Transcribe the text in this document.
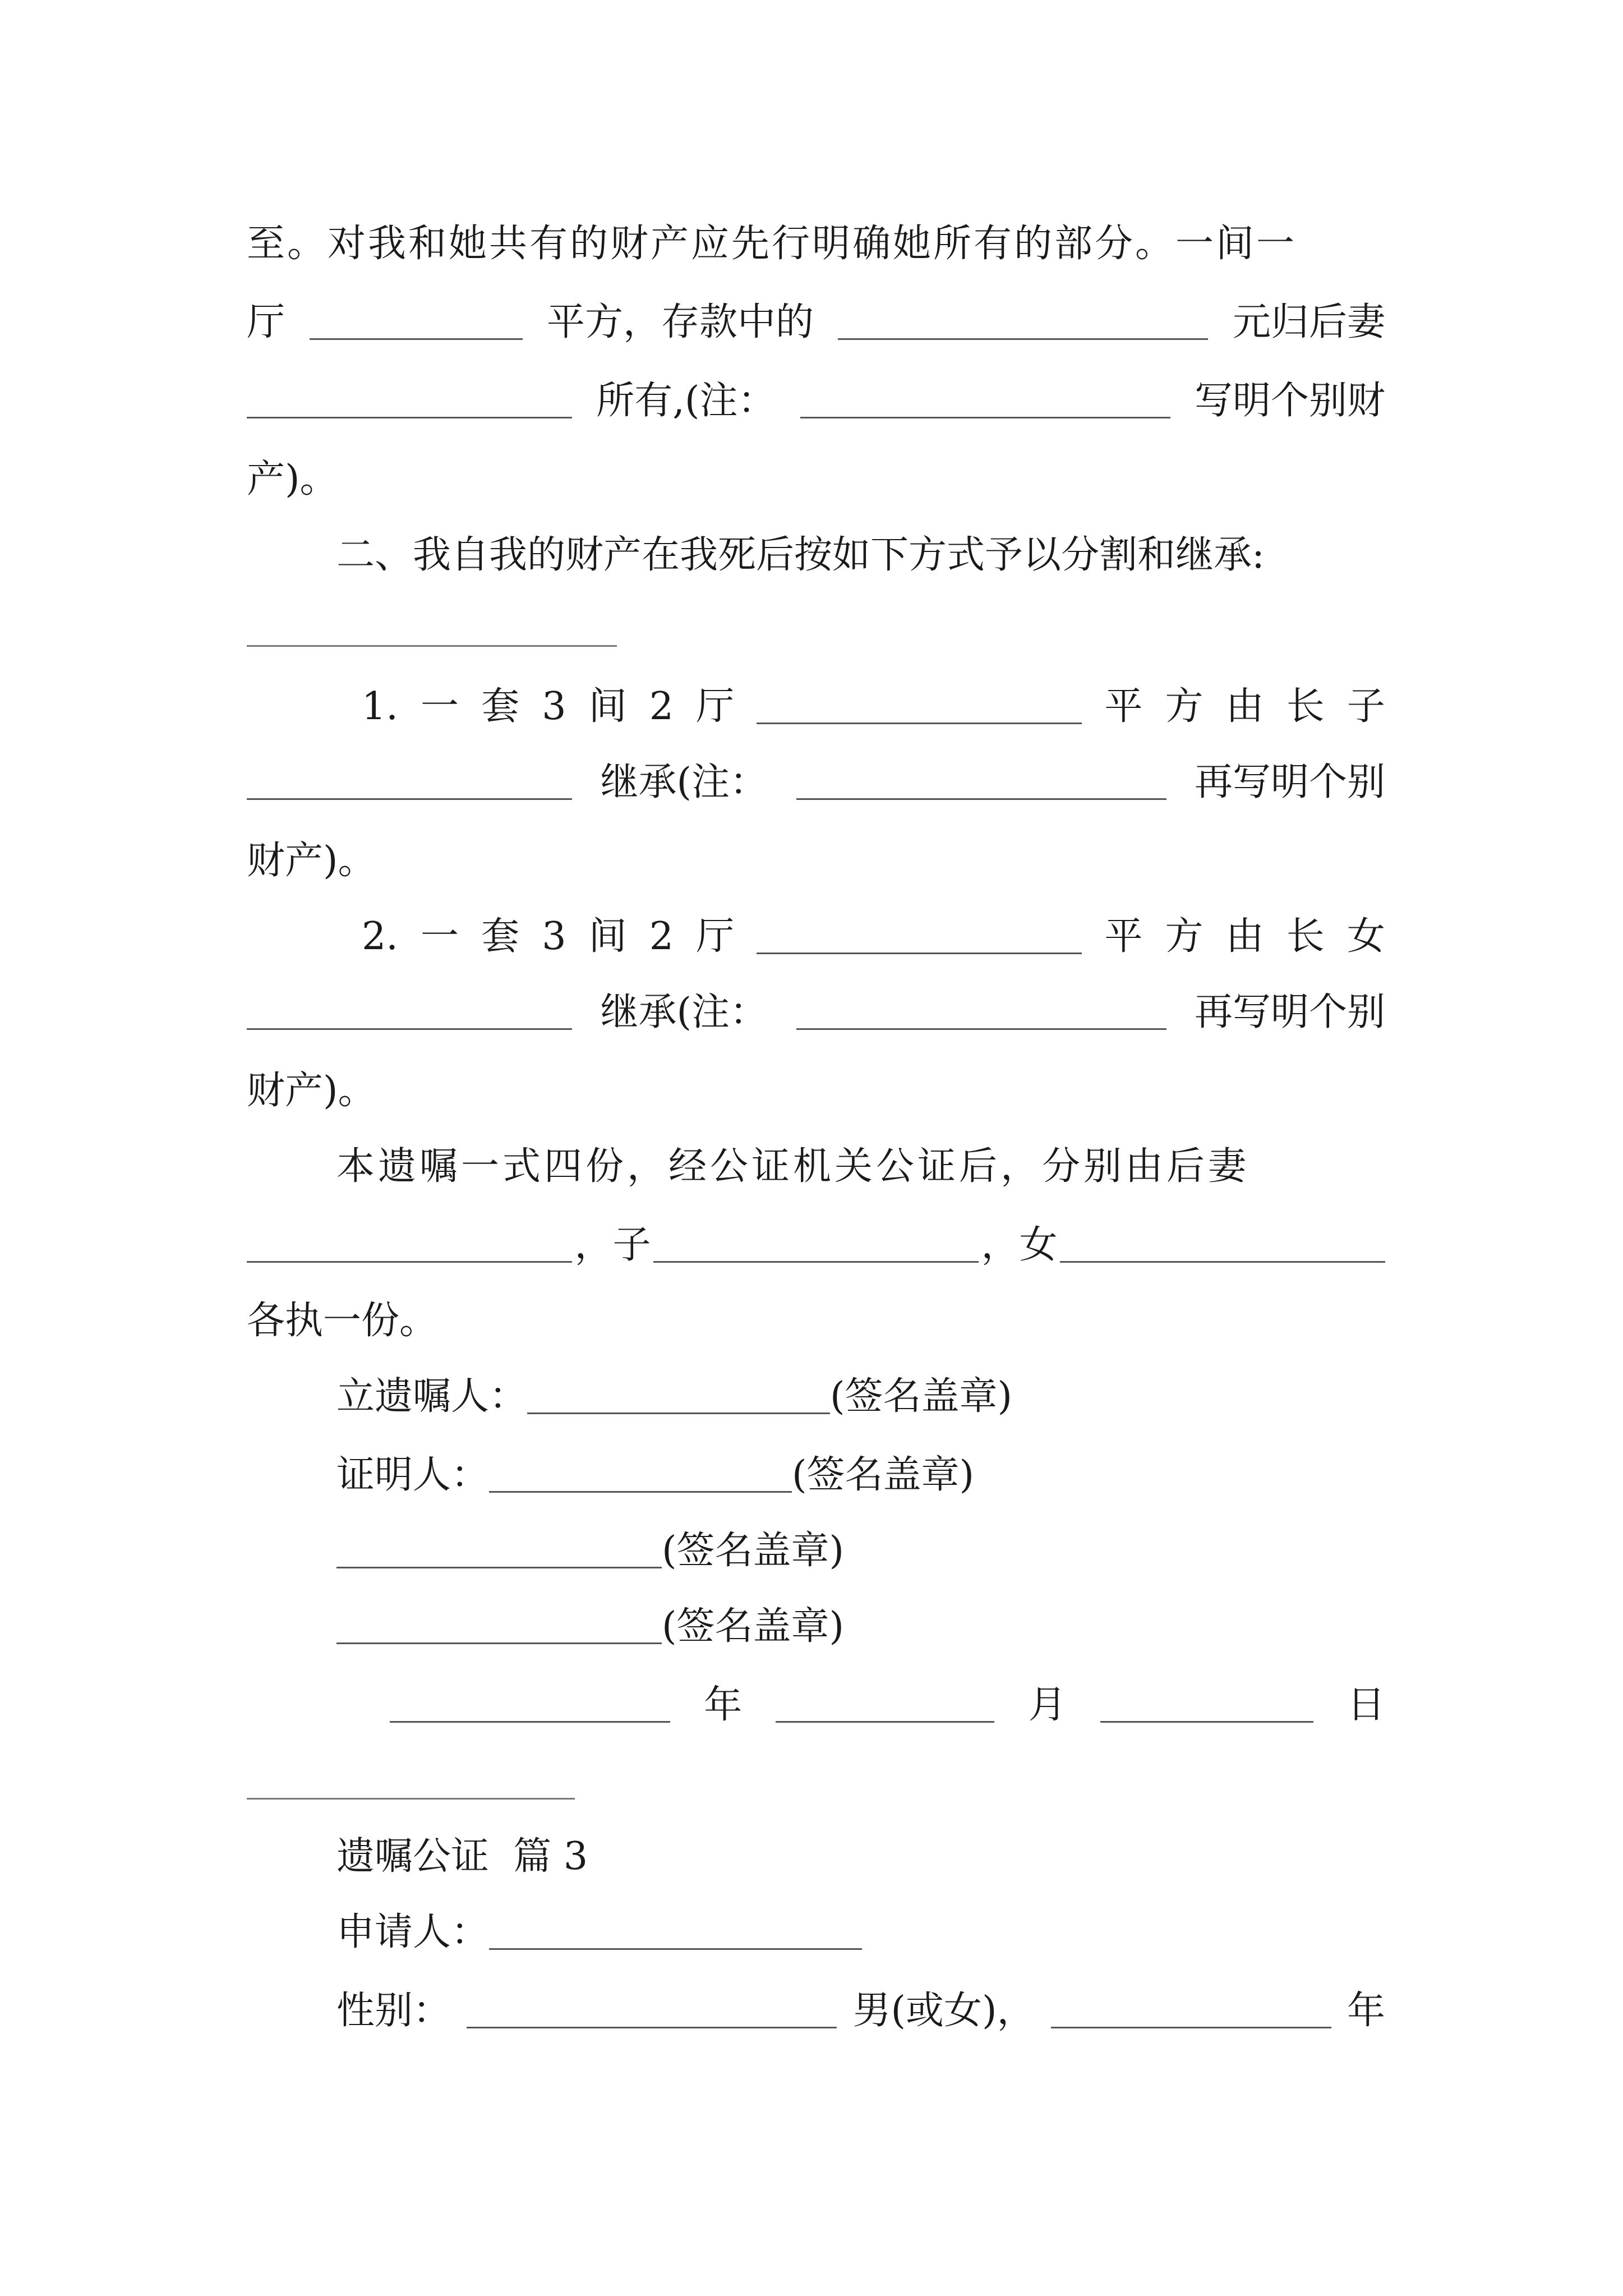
至。对我和她共有的财产应先行明确她所有的部分。一间一
厅	平方，存款中的	元归后妻
所有,(注：	写明个别财
产)。
二、我自我的财产在我死后按如下方式予以分割和继承:
1. 一 套 3 间 2 厅	平 方 由 长 子
继承(注：	再写明个别
财产)。
2. 一 套 3 间 2 厅	平 方 由 长 女
继承(注：	再写明个别
财产)。
本遗嘱一式四份，经公证机关公证后，分别由后妻
，子	，女
各执一份。
立遗嘱人：	(签名盖章)
证明人：	(签名盖章)
(签名盖章)
(签名盖章)
年	月	日
遗嘱公证  篇 3
申请人：
性别：	男(或女)，	年
